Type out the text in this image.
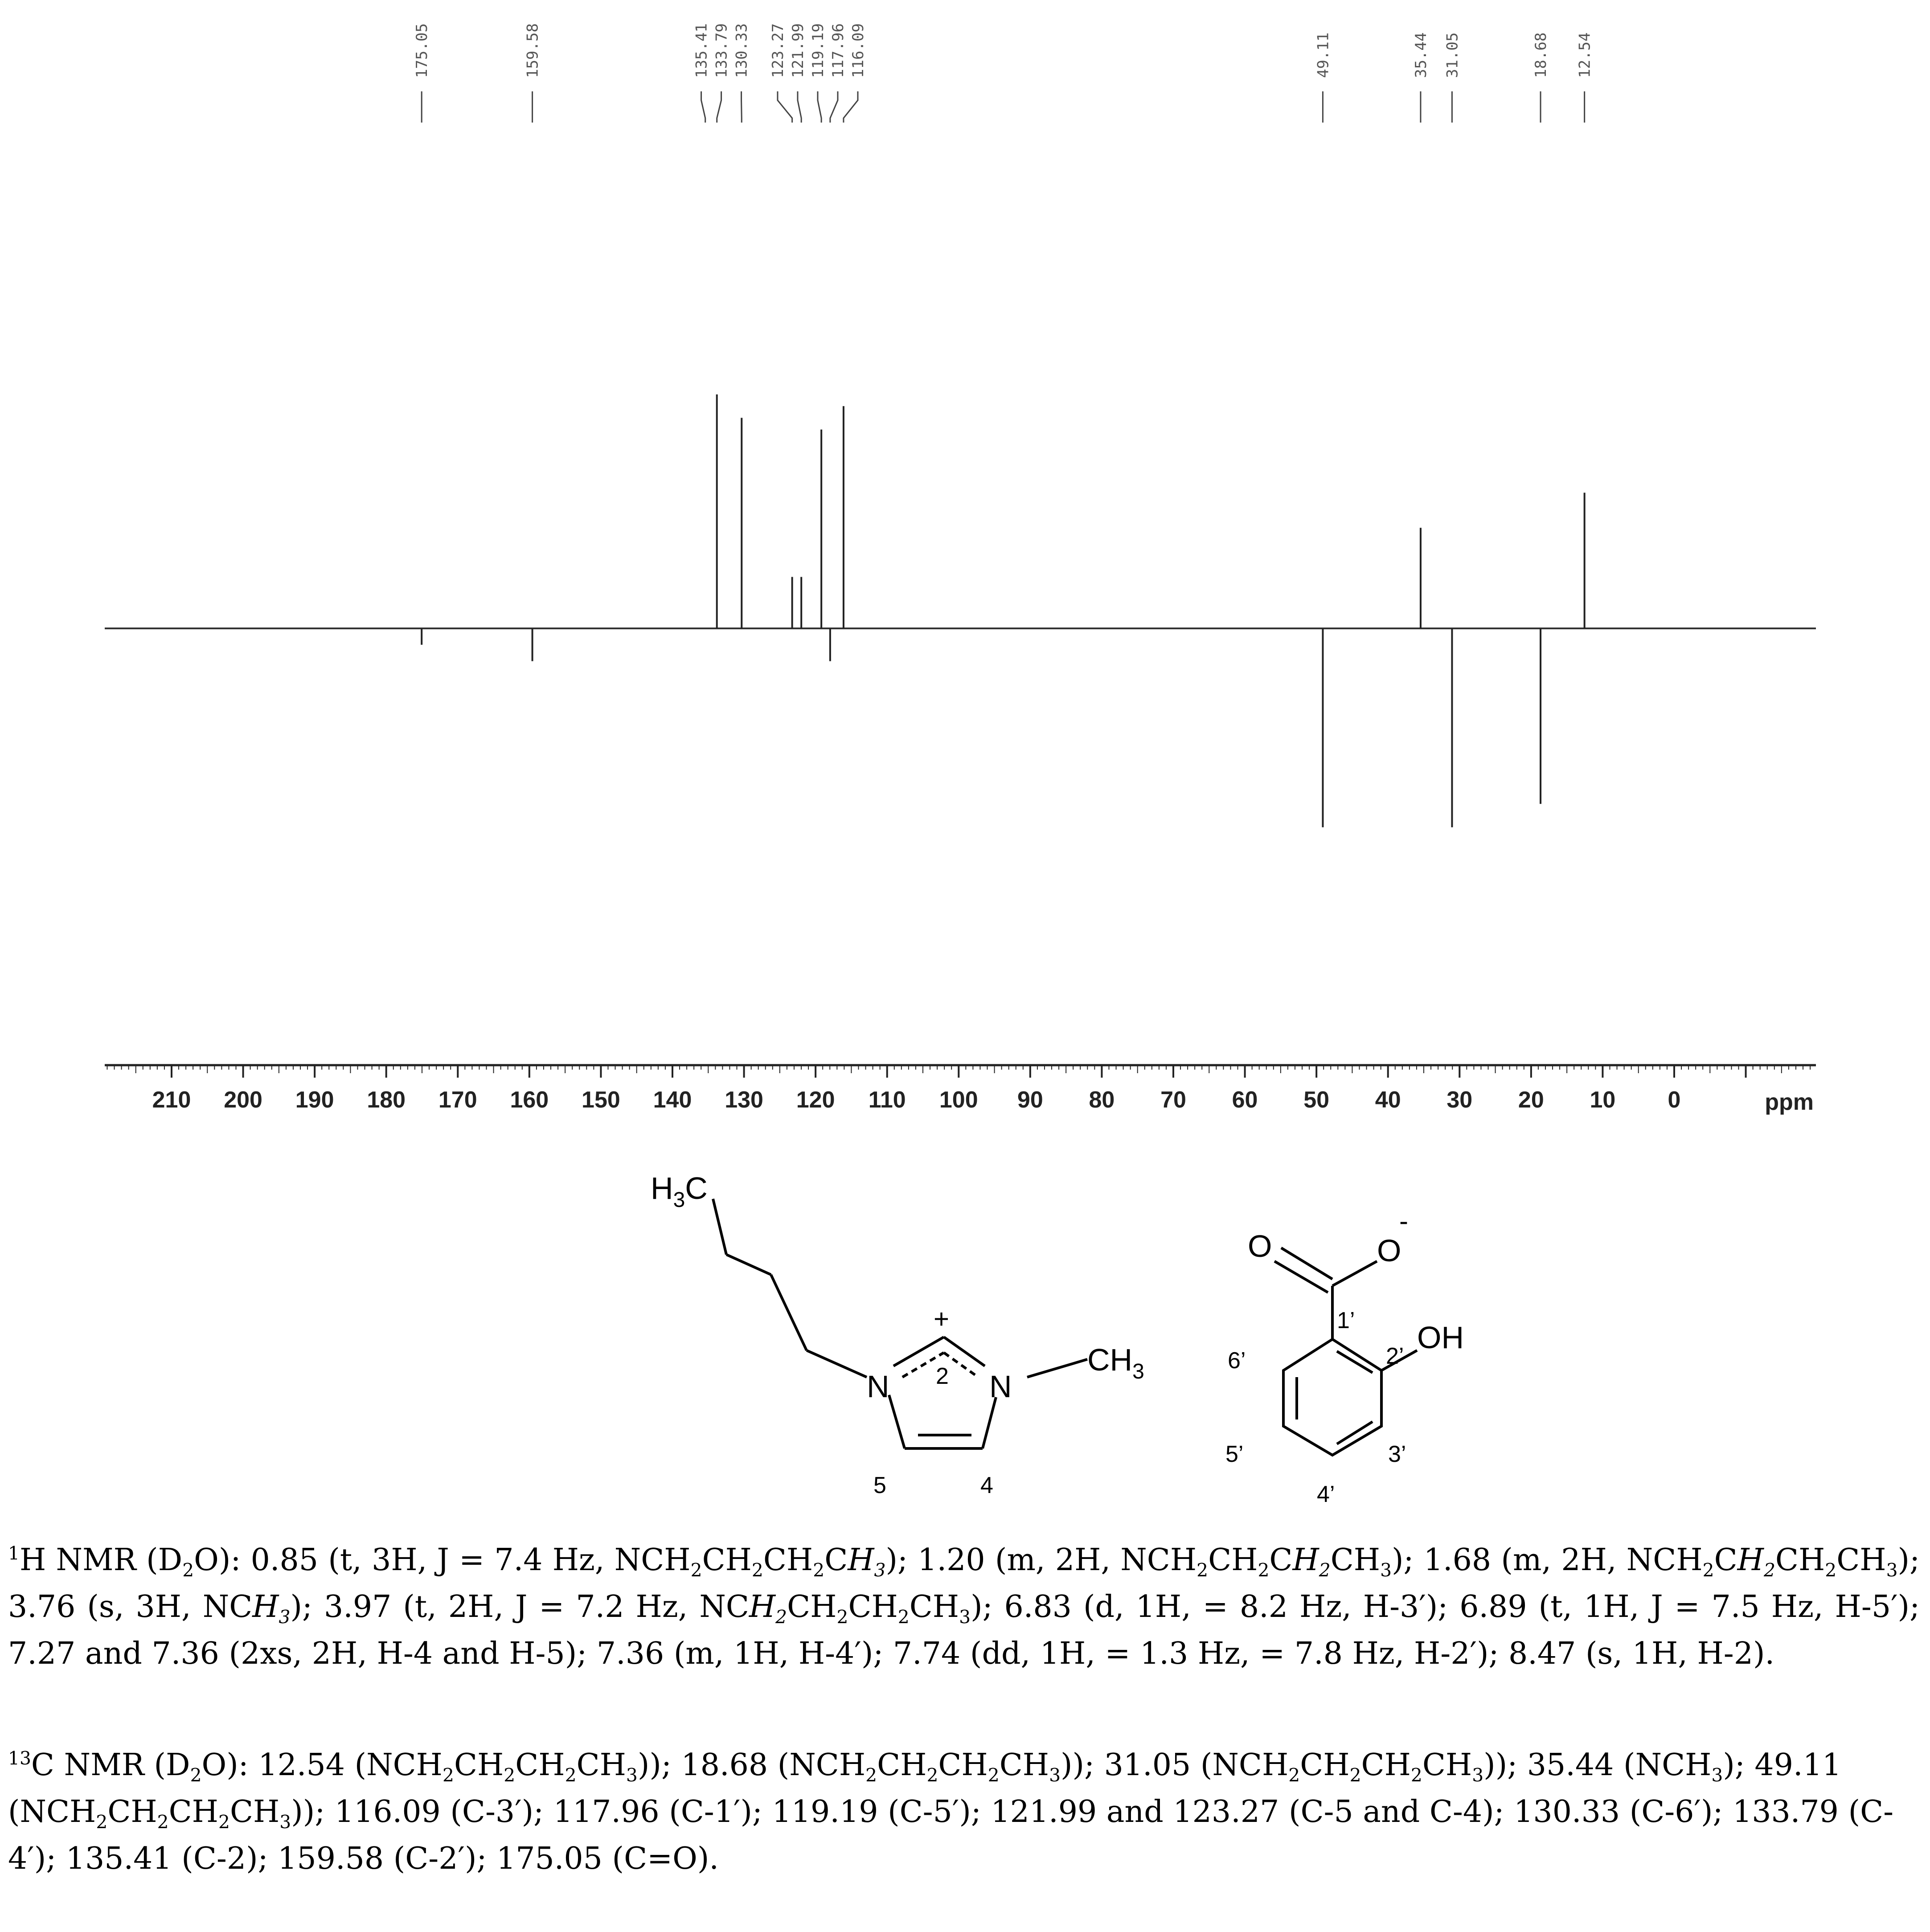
175.05	159.58	135.41 133.79 130.33 123.27 121.99 119.19 117.96 116.09	49.11	35.44 31.05	18.68 12.54
210 200 190 180 170 160 150 140 130 120 110 100 90 80 70 60 50 40 30 20 10 0	ppm
$H_3C$
N	N
$CH_3$
+
2
4
5
O	O
-
OH
1’
2’
3’
4’
5’
6’
$^1$H NMR $(D_2O)$: 0.85 (t, 3H, J = 7.4 Hz, $NCH_2CH_2CH_2CH_3$); 1.20 (m, 2H, $NCH_2CH_2CH_2CH_3$); 1.68 (m, 2H, $NCH_2CH_2CH_2CH_3$); 3.76 (s, 3H, $NCH_3$); 3.97 (t, 2H, J = 7.2 Hz, $NCH_2CH_2CH_2CH_3$); 6.83 (d, 1H, = 8.2 Hz, H-3′); 6.89 (t, 1H, J = 7.5 Hz, H-5′); 7.27 and 7.36 (2xs, 2H, H-4 and H-5); 7.36 (m, 1H, H-4′); 7.74 (dd, 1H, = 1.3 Hz, = 7.8 Hz, H-2′); 8.47 (s, 1H, H-2).
$^{13}$C NMR $(D_2O)$: 12.54 $(NCH_2CH_2CH_2CH_3)$); 18.68 $(NCH_2CH_2CH_2CH_3)$); 31.05 $(NCH_2CH_2CH_2CH_3)$); 35.44 $(NCH_3)$; 49.11 $(NCH_2CH_2CH_2CH_3)$); 116.09 (C-3′); 117.96 (C-1′); 119.19 (C-5′); 121.99 and 123.27 (C-5 and C-4); 130.33 (C-6′); 133.79 (C-4′); 135.41 (C-2); 159.58 (C-2′); 175.05 (C=O).
